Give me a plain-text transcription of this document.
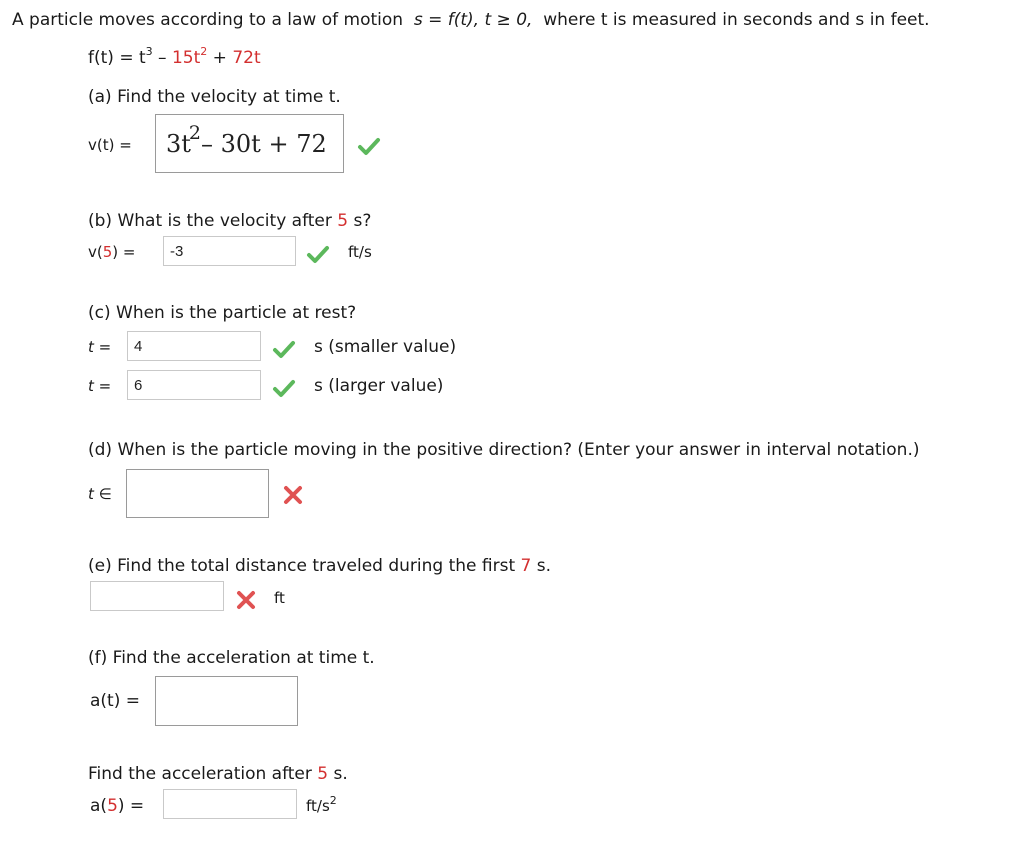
A particle moves according to a law of motion s = f(t), t ≥ 0, where t is measured in seconds and s in feet.
$f(t) = t^3 - 15t^2 + 72t$
(a) Find the velocity at time t.
v(t) = 3t
2 – 30t + 72
(b) What is the velocity after 5 s?
v(5) =	-3	ft/s
(c) When is the particle at rest?
t =	4	s (smaller value)
t =	6	s (larger value)
(d) When is the particle moving in the positive direction? (Enter your answer in interval notation.)
t ∈
(e) Find the total distance traveled during the first 7 s.
ft
(f) Find the acceleration at time t.
a(t) =
Find the acceleration after 5 s.
a(5) =	$ft/s^2$
